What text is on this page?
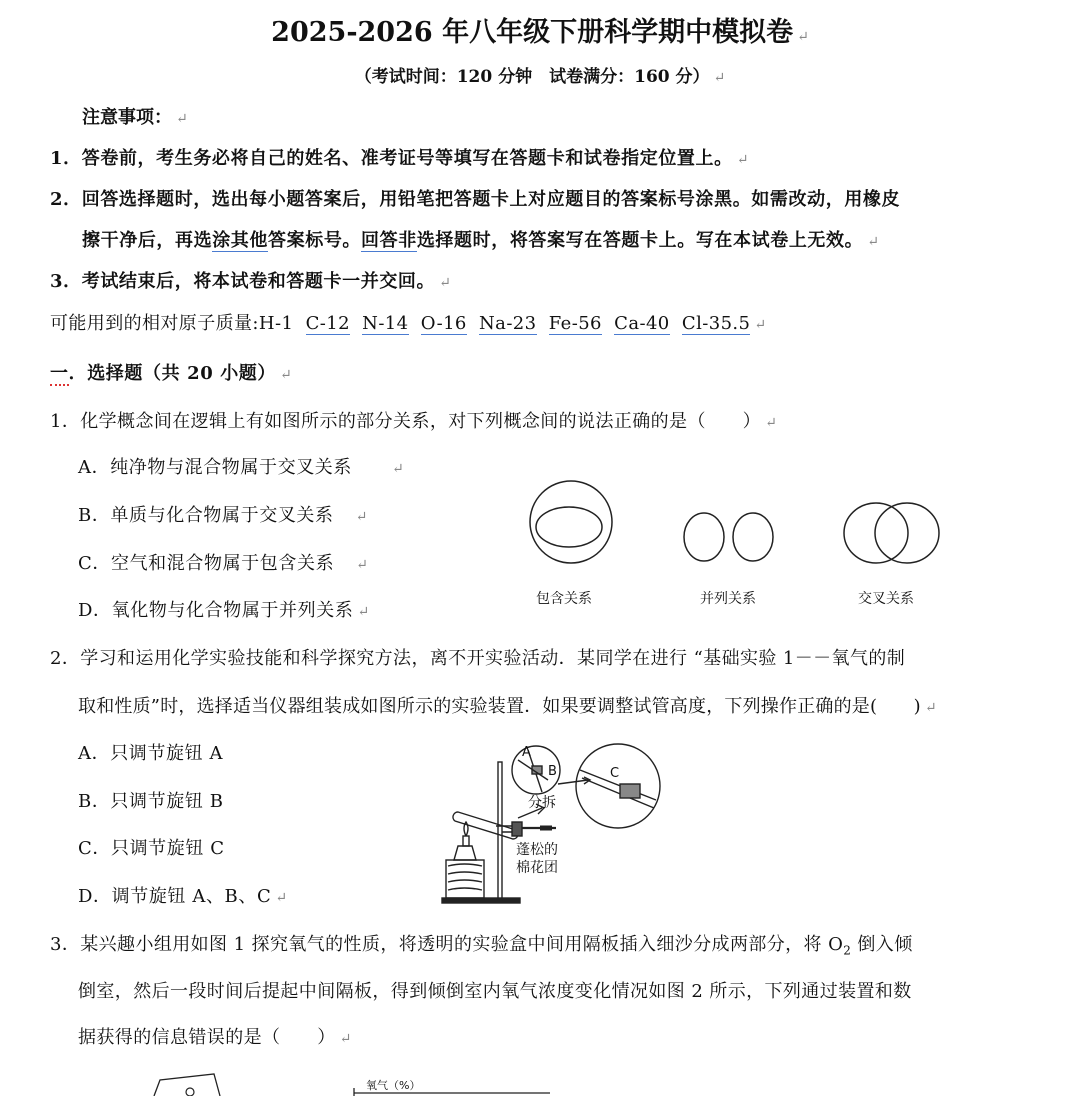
2025-2026 年八年级下册科学期中模拟卷 ↵
（考试时间：120 分钟　试卷满分：160 分） ↵
注意事项： ↵
1．答卷前，考生务必将自己的姓名、准考证号等填写在答题卡和试卷指定位置上。 ↵
2．回答选择题时，选出每小题答案后，用铅笔把答题卡上对应题目的答案标号涂黑。如需改动，用橡皮
擦干净后，再选涂其他答案标号。回答非选择题时，将答案写在答题卡上。写在本试卷上无效。 ↵
3．考试结束后，将本试卷和答题卡一并交回。 ↵
可能用到的相对原子质量:H-1 C-12 N-14 O-16 Na-23 Fe-56 Ca-40 Cl-35.5 ↵
一．选择题（共 20 小题） ↵
1．化学概念间在逻辑上有如图所示的部分关系，对下列概念间的说法正确的是（　　） ↵
A．纯净物与混合物属于交叉关系	↵
B．单质与化合物属于交叉关系 ↵
C．空气和混合物属于包含关系 ↵
D．氧化物与化合物属于并列关系 ↵
包含关系	并列关系	交叉关系
2．学习和运用化学实验技能和科学探究方法，离不开实验活动．某同学在进行 “基础实验 1－－氧气的制
取和性质”时，选择适当仪器组装成如图所示的实验装置．如果要调整试管高度，下列操作正确的是(　　) ↵
A．只调节旋钮 A
B．只调节旋钮 B
C．只调节旋钮 C
D．调节旋钮 A、B、C ↵
A
B	C
分拆
蓬松的
棉花团
3．某兴趣小组用如图 1 探究氧气的性质，将透明的实验盒中间用隔板插入细沙分成两部分，将 $O_2$ 倒入倾
倒室，然后一段时间后提起中间隔板，得到倾倒室内氧气浓度变化情况如图 2 所示，下列通过装置和数
据获得的信息错误的是（　　） ↵
氧气（%）
